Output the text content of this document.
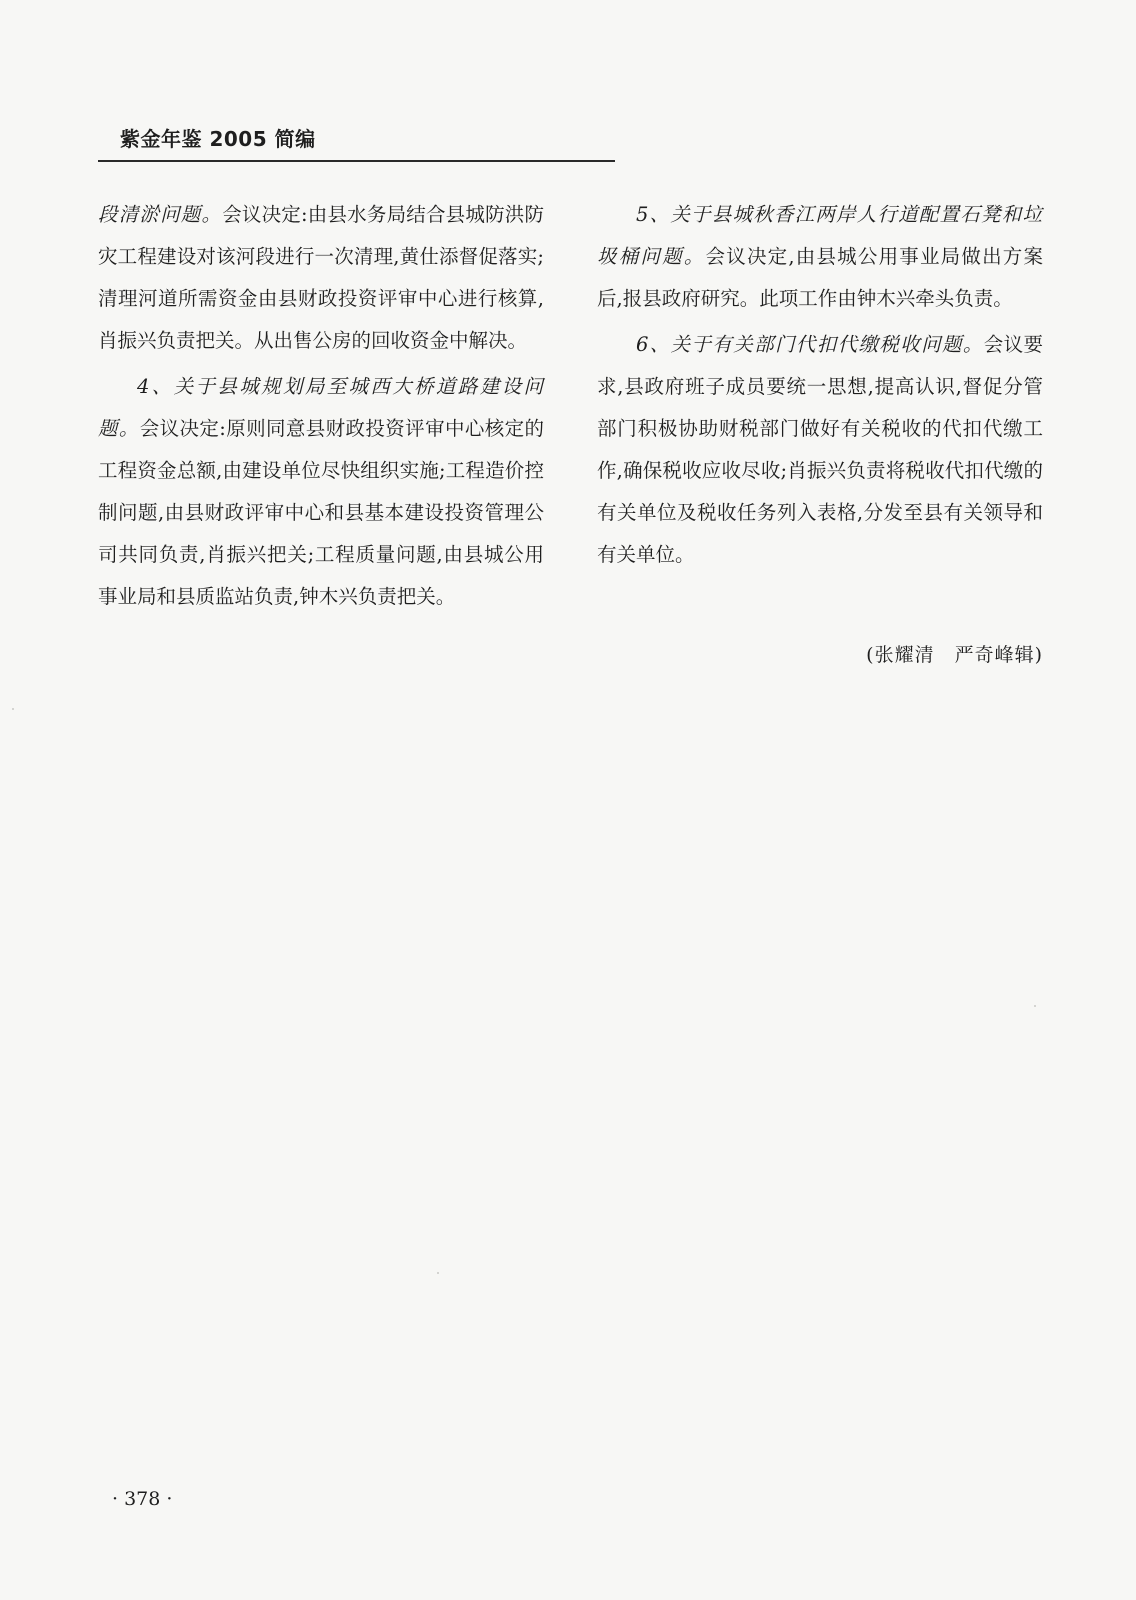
紫金年鉴 2005 简编

段清淤问题。会议决定:由县水务局结合县城防洪防灾工程建设对该河段进行一次清理,黄仕添督促落实;清理河道所需资金由县财政投资评审中心进行核算,肖振兴负责把关。从出售公房的回收资金中解决。

4、关于县城规划局至城西大桥道路建设问题。会议决定:原则同意县财政投资评审中心核定的工程资金总额,由建设单位尽快组织实施;工程造价控制问题,由县财政评审中心和县基本建设投资管理公司共同负责,肖振兴把关;工程质量问题,由县城公用事业局和县质监站负责,钟木兴负责把关。

5、关于县城秋香江两岸人行道配置石凳和垃圾桶问题。会议决定,由县城公用事业局做出方案后,报县政府研究。此项工作由钟木兴牵头负责。

6、关于有关部门代扣代缴税收问题。会议要求,县政府班子成员要统一思想,提高认识,督促分管部门积极协助财税部门做好有关税收的代扣代缴工作,确保税收应收尽收;肖振兴负责将税收代扣代缴的有关单位及税收任务列入表格,分发至县有关领导和有关单位。

(张耀清　严奇峰辑)
· 378 ·
